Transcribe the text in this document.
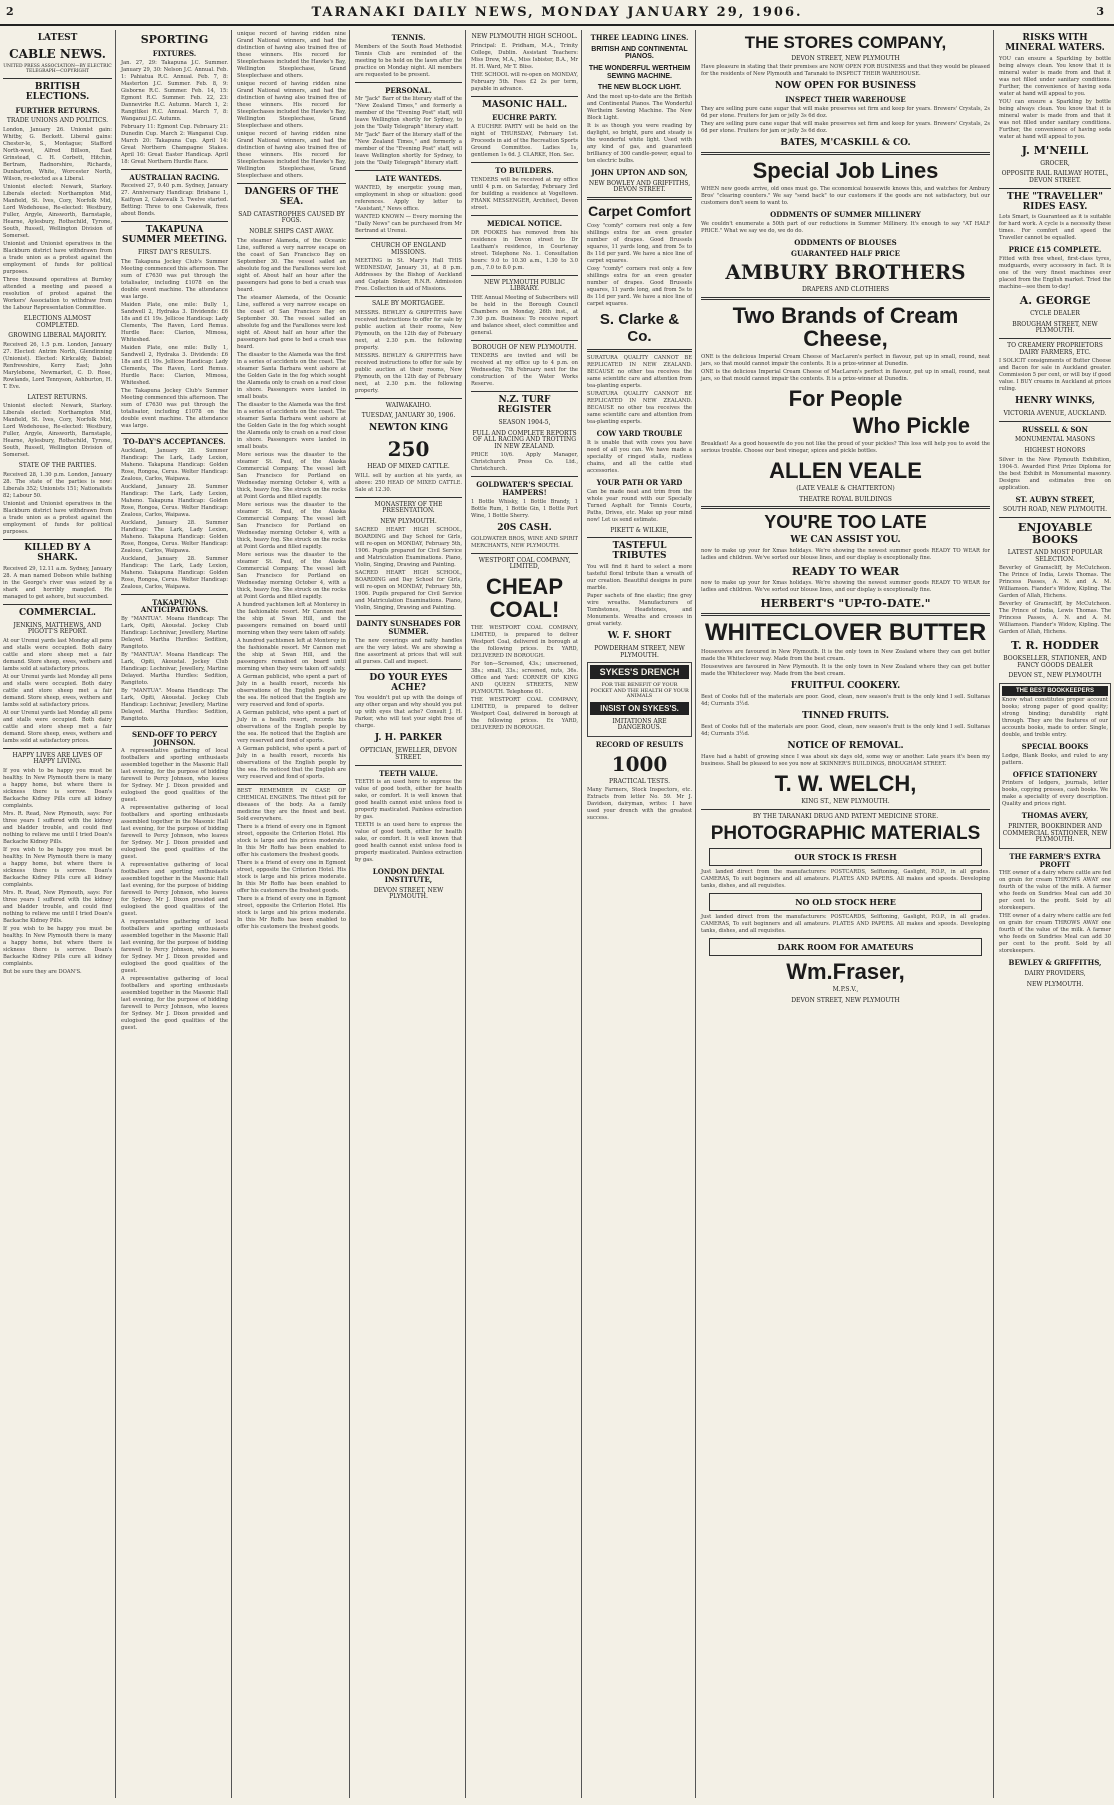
2	TARANAKI DAILY NEWS, MONDAY JANUARY 29, 1906.	3
LATEST
CABLE NEWS.
UNITED PRESS ASSOCIATION—BY ELECTRIC TELEGRAPH—COPYRIGHT
BRITISH ELECTIONS.
FURTHER RETURNS.
TRADE UNIONS AND POLITICS.

London, January 26. Unionist gain: Whitby, G. Beckett. Liberal gains: Chester-le, S., Montague; Stafford North-west, Alfred Billson, East Grinstead, C. H. Corbett, Hitchin, Bertram, Radnorshire, Richards, Dunbarton, White, Worcester North, Wilson, re-elected as a Liberal.

Unionist elected: Newark, Starkey. Liberals elected: Northampton Mid, Manfield, St. Ives, Cory, Norfolk Mid, Lord Wodehouse, Re-elected: Westbury, Fuller, Argyle, Ainsworth, Barnstaple, Hearne, Aylesbury, Rothschild, Tyrone, South, Russell, Wellington Division of Somerset.

Unionist and Unionist operatives in the Blackburn district have withdrawn from a trade union as a protest against the employment of funds for political purposes.

Three thousand operatives at Burnley attended a meeting and passed a resolution of protest against the Workers' Association to withdraw from the Labour Representation Committee.

ELECTIONS ALMOST COMPLETED.
GROWING LIBERAL MAJORITY.

Received 26, 1.5 p.m. London, January 27. Elected: Antrim North, Glendinning (Unionist). Elected: Kirkcaldy, Dalziel; Renfrewshire, Kerry East; John Marylebone, Newmarket, C. D. Rose, Rowlands, Lord Tennyson, Ashburton, H. T. Eve.

LATEST RETURNS.

Unionist elected: Newark, Starkey. Liberals elected: Northampton Mid, Manfield, St. Ives, Cory, Norfolk Mid, Lord Wodehouse, Re-elected: Westbury, Fuller, Argyle, Ainsworth, Barnstaple, Hearne, Aylesbury, Rothschild, Tyrone, South, Russell, Wellington Division of Somerset.

STATE OF THE PARTIES.

Received 28, 1.30 p.m. London, January 28. The state of the parties is now: Liberals 352; Unionists 151; Nationalists 82; Labour 50.

Unionist and Unionist operatives in the Blackburn district have withdrawn from a trade union as a protest against the employment of funds for political purposes.

KILLED BY A SHARK.

Received 29, 12.11 a.m. Sydney, January 28. A man named Dobson while bathing in the George's river was seized by a shark and horribly mangled. He managed to get ashore, but succumbed.

COMMERCIAL.
JENKINS, MATTHEWS, AND PIGOTT'S REPORT.

At our Urenui yards last Monday all pens and stalls were occupied. Both dairy cattle and store sheep met a fair demand. Store sheep, ewes, wethers and lambs sold at satisfactory prices.

At our Urenui yards last Monday all pens and stalls were occupied. Both dairy cattle and store sheep met a fair demand. Store sheep, ewes, wethers and lambs sold at satisfactory prices.

At our Urenui yards last Monday all pens and stalls were occupied. Both dairy cattle and store sheep met a fair demand. Store sheep, ewes, wethers and lambs sold at satisfactory prices.

HAPPY LIVES ARE LIVES OF HAPPY LIVING.

If you wish to be happy you must be healthy. In New Plymouth there is many a happy home, but where there is sickness there is sorrow. Doan's Backache Kidney Pills cure all kidney complaints.

Mrs. R. Read, New Plymouth, says: For three years I suffered with the kidney and bladder trouble, and could find nothing to relieve me until I tried Doan's Backache Kidney Pills.

If you wish to be happy you must be healthy. In New Plymouth there is many a happy home, but where there is sickness there is sorrow. Doan's Backache Kidney Pills cure all kidney complaints.

Mrs. R. Read, New Plymouth, says: For three years I suffered with the kidney and bladder trouble, and could find nothing to relieve me until I tried Doan's Backache Kidney Pills.

If you wish to be happy you must be healthy. In New Plymouth there is many a happy home, but where there is sickness there is sorrow. Doan's Backache Kidney Pills cure all kidney complaints.

But be sure they are DOAN'S.

SPORTING
FIXTURES.

Jan. 27, 29: Takapuna J.C. Summer. January 29, 30: Nelson J.C. Annual. Feb. 1: Pahiatua R.C. Annual. Feb. 7, 8: Masterton J.C. Summer. Feb. 8, 9: Gisborne R.C. Summer. Feb. 14, 15: Egmont R.C. Summer. Feb. 22, 23: Dannevirke R.C. Autumn. March 1, 2: Rangitikei R.C. Annual. March 7, 8: Wanganui J.C. Autumn.

February 11: Egmont Cup. February 21: Dunedin Cup. March 2: Wanganui Cup. March 20: Takapuna Cup. April 14: Great Northern Champagne Stakes. April 16: Great Easter Handicap. April 18: Great Northern Hurdle Race.

AUSTRALIAN RACING.

Received 27, 9.40 p.m. Sydney, January 27. Anniversary Handicap: Brisbane 1, Kaifiyan 2, Cakewalk 3. Twelve started. Betting: Three to one Cakewalk, fives about Bonds.

TAKAPUNA SUMMER MEETING.
FIRST DAY'S RESULTS.

The Takapuna Jockey Club's Summer Meeting commenced this afternoon. The sum of £7630 was put through the totalisator, including £1078 on the double event machine. The attendance was large.

Maiden Plate, one mile: Bully 1, Sandwell 2, Hydraka 3. Dividends: £6 18s and £1 19s. Jellicoe Handicap: Lady Clements, The Raven, Lord Remus. Hurdle Race: Clarion, Mimosa, Whiteshed.

Maiden Plate, one mile: Bully 1, Sandwell 2, Hydraka 3. Dividends: £6 18s and £1 19s. Jellicoe Handicap: Lady Clements, The Raven, Lord Remus. Hurdle Race: Clarion, Mimosa, Whiteshed.

The Takapuna Jockey Club's Summer Meeting commenced this afternoon. The sum of £7630 was put through the totalisator, including £1078 on the double event machine. The attendance was large.

TO-DAY'S ACCEPTANCES.

Auckland, January 28. Summer Handicap: The Lark, Lady Lexion, Maheno. Takapuna Handicap: Golden Rose, Rongoa, Cerus. Welter Handicap: Zealous, Carlos, Waipawa.

Auckland, January 28. Summer Handicap: The Lark, Lady Lexion, Maheno. Takapuna Handicap: Golden Rose, Rongoa, Cerus. Welter Handicap: Zealous, Carlos, Waipawa.

Auckland, January 28. Summer Handicap: The Lark, Lady Lexion, Maheno. Takapuna Handicap: Golden Rose, Rongoa, Cerus. Welter Handicap: Zealous, Carlos, Waipawa.

Auckland, January 28. Summer Handicap: The Lark, Lady Lexion, Maheno. Takapuna Handicap: Golden Rose, Rongoa, Cerus. Welter Handicap: Zealous, Carlos, Waipawa.

TAKAPUNA ANTICIPATIONS.

By "MANTUA". Moana Handicap: The Lark, Opiti, Akoustal. Jockey Club Handicap: Lochnivar, Jewellery, Martine Delayed. Martha Hurdles: Sedition, Rangitoto.

By "MANTUA". Moana Handicap: The Lark, Opiti, Akoustal. Jockey Club Handicap: Lochnivar, Jewellery, Martine Delayed. Martha Hurdles: Sedition, Rangitoto.

By "MANTUA". Moana Handicap: The Lark, Opiti, Akoustal. Jockey Club Handicap: Lochnivar, Jewellery, Martine Delayed. Martha Hurdles: Sedition, Rangitoto.

SEND-OFF TO PERCY JOHNSON.

A representative gathering of local footballers and sporting enthusiasts assembled together in the Masonic Hall last evening, for the purpose of bidding farewell to Percy Johnson, who leaves for Sydney. Mr J. Dixon presided and eulogised the good qualities of the guest.

A representative gathering of local footballers and sporting enthusiasts assembled together in the Masonic Hall last evening, for the purpose of bidding farewell to Percy Johnson, who leaves for Sydney. Mr J. Dixon presided and eulogised the good qualities of the guest.

A representative gathering of local footballers and sporting enthusiasts assembled together in the Masonic Hall last evening, for the purpose of bidding farewell to Percy Johnson, who leaves for Sydney. Mr J. Dixon presided and eulogised the good qualities of the guest.

A representative gathering of local footballers and sporting enthusiasts assembled together in the Masonic Hall last evening, for the purpose of bidding farewell to Percy Johnson, who leaves for Sydney. Mr J. Dixon presided and eulogised the good qualities of the guest.

A representative gathering of local footballers and sporting enthusiasts assembled together in the Masonic Hall last evening, for the purpose of bidding farewell to Percy Johnson, who leaves for Sydney. Mr J. Dixon presided and eulogised the good qualities of the guest.

unique record of having ridden nine Grand National winners, and had the distinction of having also trained five of these winners. His record for Steeplechases included the Hawke's Bay, Wellington Steeplechase, Grand Steeplechase and others.

unique record of having ridden nine Grand National winners, and had the distinction of having also trained five of these winners. His record for Steeplechases included the Hawke's Bay, Wellington Steeplechase, Grand Steeplechase and others.

unique record of having ridden nine Grand National winners, and had the distinction of having also trained five of these winners. His record for Steeplechases included the Hawke's Bay, Wellington Steeplechase, Grand Steeplechase and others.

DANGERS OF THE SEA.
SAD CATASTROPHES CAUSED BY FOGS.
NOBLE SHIPS CAST AWAY.

The steamer Alameda, of the Oceanic Line, suffered a very narrow escape on the coast of San Francisco Bay on September 30. The vessel sailed an absolute fog and the Farallones were lost sight of. About half an hour after the passengers had gone to bed a crash was heard.

The steamer Alameda, of the Oceanic Line, suffered a very narrow escape on the coast of San Francisco Bay on September 30. The vessel sailed an absolute fog and the Farallones were lost sight of. About half an hour after the passengers had gone to bed a crash was heard.

The disaster to the Alameda was the first in a series of accidents on the coast. The steamer Santa Barbara went ashore at the Golden Gate in the fog which sought the Alameda only to crash on a reef close in shore. Passengers were landed in small boats.

The disaster to the Alameda was the first in a series of accidents on the coast. The steamer Santa Barbara went ashore at the Golden Gate in the fog which sought the Alameda only to crash on a reef close in shore. Passengers were landed in small boats.

More serious was the disaster to the steamer St. Paul, of the Alaska Commercial Company. The vessel left San Francisco for Portland on Wednesday morning October 4, with a thick, heavy fog. She struck on the rocks at Point Gorda and filled rapidly.

More serious was the disaster to the steamer St. Paul, of the Alaska Commercial Company. The vessel left San Francisco for Portland on Wednesday morning October 4, with a thick, heavy fog. She struck on the rocks at Point Gorda and filled rapidly.

More serious was the disaster to the steamer St. Paul, of the Alaska Commercial Company. The vessel left San Francisco for Portland on Wednesday morning October 4, with a thick, heavy fog. She struck on the rocks at Point Gorda and filled rapidly.

A hundred yachtsmen left at Monterey in the fashionable resort. Mr Cannon met the ship at Swan Hill, and the passengers remained on board until morning when they were taken off safely.

A hundred yachtsmen left at Monterey in the fashionable resort. Mr Cannon met the ship at Swan Hill, and the passengers remained on board until morning when they were taken off safely.

A German publicist, who spent a part of July in a health resort, records his observations of the English people by the sea. He noticed that the English are very reserved and fond of sports.

A German publicist, who spent a part of July in a health resort, records his observations of the English people by the sea. He noticed that the English are very reserved and fond of sports.

A German publicist, who spent a part of July in a health resort, records his observations of the English people by the sea. He noticed that the English are very reserved and fond of sports.

BEST REMEMBER IN CASE OF CHEMICAL ENGINES. The fittest pill for diseases of the body. As a family medicine they are the finest and best. Sold everywhere.

There is a friend of every one in Egmont street, opposite the Criterion Hotel. His stock is large and his prices moderate. In this Mr Roffo has been enabled to offer his customers the freshest goods.

There is a friend of every one in Egmont street, opposite the Criterion Hotel. His stock is large and his prices moderate. In this Mr Roffo has been enabled to offer his customers the freshest goods.

There is a friend of every one in Egmont street, opposite the Criterion Hotel. His stock is large and his prices moderate. In this Mr Roffo has been enabled to offer his customers the freshest goods.

TENNIS.

Members of the South Road Methodist Tennis Club are reminded of the meeting to be held on the lawn after the practice on Monday night. All members are requested to be present.

PERSONAL.

Mr "Jack" Barr of the literary staff of the "New Zealand Times," and formerly a member of the "Evening Post" staff, will leave Wellington shortly for Sydney, to join the "Daily Telegraph" literary staff.

Mr "Jack" Barr of the literary staff of the "New Zealand Times," and formerly a member of the "Evening Post" staff, will leave Wellington shortly for Sydney, to join the "Daily Telegraph" literary staff.

LATE WANTEDS.

WANTED, by energetic young man, employment in shop or situation: good references. Apply by letter to "Assistant," News office.

WANTED KNOWN — Every morning the "Daily News" can be purchased from Mr Bertrand at Urenui.

CHURCH OF ENGLAND MISSIONS.

MEETING in St. Mary's Hall THIS WEDNESDAY, January 31, at 8 p.m. Addresses by the Bishop of Auckland and Captain Sinker, R.N.R. Admission Free. Collection in aid of Missions.

SALE BY MORTGAGEE.

MESSRS. BEWLEY & GRIFFITHS have received instructions to offer for sale by public auction at their rooms, New Plymouth, on the 12th day of February next, at 2.30 p.m. the following property.

MESSRS. BEWLEY & GRIFFITHS have received instructions to offer for sale by public auction at their rooms, New Plymouth, on the 12th day of February next, at 2.30 p.m. the following property.

WAIWAKAIHO.
TUESDAY, JANUARY 30, 1906.
NEWTON KING
250
HEAD OF MIXED CATTLE.

WILL sell by auction at his yards, as above: 250 HEAD OF MIXED CATTLE. Sale at 12.30.

MONASTERY OF THE PRESENTATION.
NEW PLYMOUTH.

SACRED HEART HIGH SCHOOL, BOARDING and Day School for Girls, will re-open on MONDAY, February 5th, 1906. Pupils prepared for Civil Service and Matriculation Examinations. Piano, Violin, Singing, Drawing and Painting.

SACRED HEART HIGH SCHOOL, BOARDING and Day School for Girls, will re-open on MONDAY, February 5th, 1906. Pupils prepared for Civil Service and Matriculation Examinations. Piano, Violin, Singing, Drawing and Painting.

DAINTY SUNSHADES FOR SUMMER.

The new coverings and natty handles are the very latest. We are showing a fine assortment at prices that will suit all purses. Call and inspect.

DO YOUR EYES ACHE?

You wouldn't put up with the doings of any other organ and why should you put up with eyes that ache? Consult J. H. Parker, who will test your sight free of charge.

J. H. PARKER
OPTICIAN, JEWELLER, DEVON STREET.
TEETH VALUE.

TEETH is an used here to express the value of good teeth, either for health sake, or comfort. It is well known that good health cannot exist unless food is properly masticated. Painless extraction by gas.

TEETH is an used here to express the value of good teeth, either for health sake, or comfort. It is well known that good health cannot exist unless food is properly masticated. Painless extraction by gas.

LONDON DENTAL INSTITUTE,
DEVON STREET, NEW PLYMOUTH.
NEW PLYMOUTH HIGH SCHOOL.

Principal: E. Pridham, M.A., Trinity College, Dublin. Assistant Teachers: Miss Drew, M.A., Miss Isbister, B.A., Mr H. H. Ward, Mr T. Bliss.

THE SCHOOL will re-open on MONDAY, February 5th. Fees £2 2s per term, payable in advance.

MASONIC HALL.
EUCHRE PARTY.

A EUCHRE PARTY will be held on the night of THURSDAY, February 1st. Proceeds in aid of the Recreation Sports Ground Committee. Ladies 1s, gentlemen 1s 6d. J. CLARKE, Hon. Sec.

TO BUILDERS.

TENDERS will be received at my office until 4 p.m. on Saturday, February 3rd for building a residence at Vogeltown. FRANK MESSENGER, Architect, Devon street.

MEDICAL NOTICE.

DR FOOKES has removed from his residence in Devon street to Dr Leatham's residence, in Courtenay street. Telephone No. 1. Consultation hours: 9.0 to 10.30 a.m., 1.30 to 3.0 p.m., 7.0 to 8.0 p.m.

NEW PLYMOUTH PUBLIC LIBRARY.

THE Annual Meeting of Subscribers will be held in the Borough Council Chambers on Monday, 26th inst., at 7.30 p.m. Business: To receive report and balance sheet, elect committee and general.

BOROUGH OF NEW PLYMOUTH.

TENDERS are invited and will be received at my office up to 4 p.m. on Wednesday, 7th February next for the construction of the Water Works Reserve.

N.Z. TURF REGISTER
SEASON 1904-5,
FULL AND COMPLETE REPORTS OF ALL RACING AND TROTTING IN NEW ZEALAND.

PRICE 10/6. Apply Manager, Christchurch Press Co. Ltd., Christchurch.

GOLDWATER'S SPECIAL HAMPERS!

1 Bottle Whisky, 1 Bottle Brandy, 1 Bottle Rum, 1 Bottle Gin, 1 Bottle Port Wine, 1 Bottle Sherry.

20S CASH.

GOLDWATER BROS, WINE AND SPIRIT MERCHANTS, NEW PLYMOUTH.

WESTPORT COAL COMPANY, LIMITED,
CHEAP COAL!

THE WESTPORT COAL COMPANY, LIMITED, is prepared to deliver Westport Coal, delivered in borough at the following prices. Ex YARD, DELIVERED IN BOROUGH.

For ton—Screened, 43s.; unscreened, 38s.; small, 33s.; screened, nuts, 36s. Office and Yard: CORNER OF KING AND QUEEN STREETS, NEW PLYMOUTH. Telephone 61.

THE WESTPORT COAL COMPANY, LIMITED, is prepared to deliver Westport Coal, delivered in borough at the following prices. Ex YARD, DELIVERED IN BOROUGH.

THREE LEADING LINES.
BRITISH AND CONTINENTAL PIANOS.
THE WONDERFUL WERTHEIM SEWING MACHINE.
THE NEW BLOCK LIGHT.

And the most up-to-date are the British and Continental Pianos. The Wonderful Wertheim Sewing Machine. The New Block Light.

It is as though you were reading by daylight, so bright, pure and steady is the wonderful white light. Used with any kind of gas, and guaranteed brilliancy of 300 candle-power, equal to ten electric bulbs.

JOHN UPTON AND SON,
NEW BOWLEY AND GRIFFITHS, DEVON STREET.
Carpet Comfort

Cosy "comfy" corners rest only a few shillings extra for an even greater number of drapes. Good Brussels squares, 11 yards long, and from 5s to 8s 11d per yard. We have a nice line of carpet squares.

Cosy "comfy" corners rest only a few shillings extra for an even greater number of drapes. Good Brussels squares, 11 yards long, and from 5s to 8s 11d per yard. We have a nice line of carpet squares.

S. Clarke & Co.

SURATURA QUALITY CANNOT BE REPLICATED IN NEW ZEALAND. BECAUSE no other tea receives the same scientific care and attention from tea-planting experts.

SURATURA QUALITY CANNOT BE REPLICATED IN NEW ZEALAND. BECAUSE no other tea receives the same scientific care and attention from tea-planting experts.

COW YARD TROUBLE

It is unable that with cows you have need of all you can. We have made a speciality of ringed stalls, rustless chains, and all the cattle stud accessories.

YOUR PATH OR YARD

Can be made neat and trim from the whole year round with our Specially Turned Asphalt for Tennis Courts, Paths, Drives, etc. Make up your mind now! Let us send estimate.

PIKETT & WILKIE,
TASTEFUL TRIBUTES

You will find it hard to select a more tasteful floral tribute than a wreath of our creation. Beautiful designs in pure marble.

Paper sachets of fine elastic; fine grey wire wreaths. Manufacturers of Tombstones, Headstones, and Monuments. Wreaths and crosses in great variety.

W. F. SHORT
POWDERHAM STREET, NEW PLYMOUTH.
SYKES'S DRENCH
FOR THE BENEFIT OF YOUR POCKET AND THE HEALTH OF YOUR ANIMALS
INSIST ON SYKES'S.
IMITATIONS ARE DANGEROUS.
RECORD OF RESULTS
1000
PRACTICAL TESTS.

Many Farmers, Stock Inspectors, etc. Extracts from letter No. 59. Mr J. Davidson, dairyman, writes: I have used your drench with the greatest success.

THE STORES COMPANY,
DEVON STREET, NEW PLYMOUTH

Have pleasure in stating that their premises are NOW OPEN FOR BUSINESS and that they would be pleased for the residents of New Plymouth and Taranaki to INSPECT THEIR WAREHOUSE.

NOW OPEN FOR BUSINESS
INSPECT THEIR WAREHOUSE

They are selling pure cane sugar that will make preserves set firm and keep for years. Brewers' Crystals, 2s 6d per stone. Fruiters for jam or jelly 3s 6d doz.

They are selling pure cane sugar that will make preserves set firm and keep for years. Brewers' Crystals, 2s 6d per stone. Fruiters for jam or jelly 3s 6d doz.

BATES, M'CASKILL & CO.
Special Job Lines

WHEN new goods arrive, old ones must go. The economical housewife knows this, and watches for Ambury Bros' "clearing counters." We say "send back" to our customers if the goods are not satisfactory, but our customers don't seem to want to.

ODDMENTS OF SUMMER MILLINERY

We couldn't enumerate a 50th part of our reductions in Summer Millinery. It's enough to say "AT HALF PRICE." What we say we do, we do do.

ODDMENTS OF BLOUSES
GUARANTEED HALF PRICE
AMBURY BROTHERS
DRAPERS AND CLOTHIERS
Two Brands of Cream Cheese,

ONE is the delicious Imperial Cream Cheese of MacLaren's perfect in flavour, put up in small, round, neat jars, so that mould cannot impair the contents. It is a prize-winner at Dunedin.

ONE is the delicious Imperial Cream Cheese of MacLaren's perfect in flavour, put up in small, round, neat jars, so that mould cannot impair the contents. It is a prize-winner at Dunedin.

For People
Who Pickle

Breakfast! As a good housewife do you not like the proud of your pickles? This loss will help you to avoid the serious trouble. Choose our best vinegar, spices and pickle bottles.

ALLEN VEALE
(LATE VEALE & CHATTERTON)
THEATRE ROYAL BUILDINGS
YOU'RE TOO LATE
WE CAN ASSIST YOU.

now to make up your for Xmas holidays. We're showing the newest summer goods READY TO WEAR for ladies and children. We've sorted our blouse lines, and our display is exceptionally fine.

READY TO WEAR

now to make up your for Xmas holidays. We're showing the newest summer goods READY TO WEAR for ladies and children. We've sorted our blouse lines, and our display is exceptionally fine.

HERBERT'S "UP-TO-DATE."
WHITECLOVER BUTTER

Housewives are favoured in New Plymouth. It is the only town in New Zealand where they can get butter made the Whiteclover way. Made from the best cream.

Housewives are favoured in New Plymouth. It is the only town in New Zealand where they can get butter made the Whiteclover way. Made from the best cream.

FRUITFUL COOKERY.

Best of Cooks full of the materials are poor. Good, clean, new season's fruit is the only kind I sell. Sultanas 4d; Currants 3½d.

TINNED FRUITS.

Best of Cooks full of the materials are poor. Good, clean, new season's fruit is the only kind I sell. Sultanas 4d; Currants 3½d.

NOTICE OF REMOVAL.

Have had a habit of growing since I was about six days old, some way or another. Late years it's been my business. Shall be pleased to see you now at SKINNER'S BUILDINGS, BROUGHAM STREET.

T. W. WELCH,
KING ST., NEW PLYMOUTH.
BY THE TARANAKI DRUG AND PATENT MEDICINE STORE.
PHOTOGRAPHIC MATERIALS
OUR STOCK IS FRESH

Just landed direct from the manufacturers: POSTCARDS, Selftoning, Gaslight, P.O.P., in all grades. CAMERAS, To suit beginners and all amateurs. PLATES AND PAPERS. All makes and speeds. Developing tanks, dishes, and all requisites.

NO OLD STOCK HERE

Just landed direct from the manufacturers: POSTCARDS, Selftoning, Gaslight, P.O.P., in all grades. CAMERAS, To suit beginners and all amateurs. PLATES AND PAPERS. All makes and speeds. Developing tanks, dishes, and all requisites.

DARK ROOM FOR AMATEURS
Wm.Fraser,
M.P.S.V.,
DEVON STREET, NEW PLYMOUTH
RISKS WITH MINERAL WATERS.

YOU can ensure a Sparkling by bottle being always clean. You know that it is mineral water is made from and that it was not filled under sanitary conditions. Further, the convenience of having soda water at hand will appeal to you.

YOU can ensure a Sparkling by bottle being always clean. You know that it is mineral water is made from and that it was not filled under sanitary conditions. Further, the convenience of having soda water at hand will appeal to you.

J. M'NEILL
GROCER,
OPPOSITE RAIL RAILWAY HOTEL, DEVON STREET.
THE "TRAVELLER" RIDES EASY.

Lots Smart, is Guaranteed as it is suitable for hard work. A cycle is a necessity these times. For comfort and speed the Traveller cannot be equalled.

PRICE £15 COMPLETE.

Fitted with free wheel, first-class tyres, mudguards, every accessory in fact. It is one of the very finest machines ever placed from the English market. Tried the machine—see them to-day!

A. GEORGE
CYCLE DEALER
BROUGHAM STREET, NEW PLYMOUTH.
TO CREAMERY PROPRIETORS DAIRY FARMERS, ETC.

I SOLICIT consignments of Butter Cheese and Bacon for sale in Auckland greater. Commission 5 per cent, or will buy if good value. I BUY creams in Auckland at prices ruling.

HENRY WINKS,
VICTORIA AVENUE, AUCKLAND.
RUSSELL & SON
MONUMENTAL MASONS
HIGHEST HONORS

Silver in the New Plymouth Exhibition, 1904-5. Awarded First Prize Diploma for the best Exhibit in Monumental masonry. Designs and estimates free on application.

ST. AUBYN STREET,
SOUTH ROAD, NEW PLYMOUTH.
ENJOYABLE BOOKS
LATEST AND MOST POPULAR SELECTION.

Beverley of Gramscliff, by McCutcheon. The Prince of India, Lewis Thomas. The Princess Passes, A. N. and A. M. Williamson. Fiander's Widow, Kipling. The Garden of Allah, Hichens.

Beverley of Gramscliff, by McCutcheon. The Prince of India, Lewis Thomas. The Princess Passes, A. N. and A. M. Williamson. Fiander's Widow, Kipling. The Garden of Allah, Hichens.

T. R. HODDER
BOOKSELLER, STATIONER, AND FANCY GOODS DEALER
DEVON ST., NEW PLYMOUTH
THE BEST BOOKKEEPERS

Know what constitutes proper account books; strong paper of good quality; strong binding; durability right through. They are the features of our accounts books, made to order. Single, double, and treble entry.

SPECIAL BOOKS

Lodge, Blank Books, and ruled to any pattern.

OFFICE STATIONERY

Printers of ledgers, journals, letter books, copying presses, cash books. We make a speciality of every description. Quality and prices right.

THOMAS AVERY,
PRINTER, BOOKBINDER AND COMMERCIAL STATIONER, NEW PLYMOUTH.
THE FARMER'S EXTRA PROFIT

THE owner of a dairy where cattle are fed on grain for cream THROWS AWAY one fourth of the value of the milk. A farmer who feeds on Sundries Meal can add 30 per cent to the profit. Sold by all storekeepers.

THE owner of a dairy where cattle are fed on grain for cream THROWS AWAY one fourth of the value of the milk. A farmer who feeds on Sundries Meal can add 30 per cent to the profit. Sold by all storekeepers.

BEWLEY & GRIFFITHS,
DAIRY PROVIDERS,
NEW PLYMOUTH.
